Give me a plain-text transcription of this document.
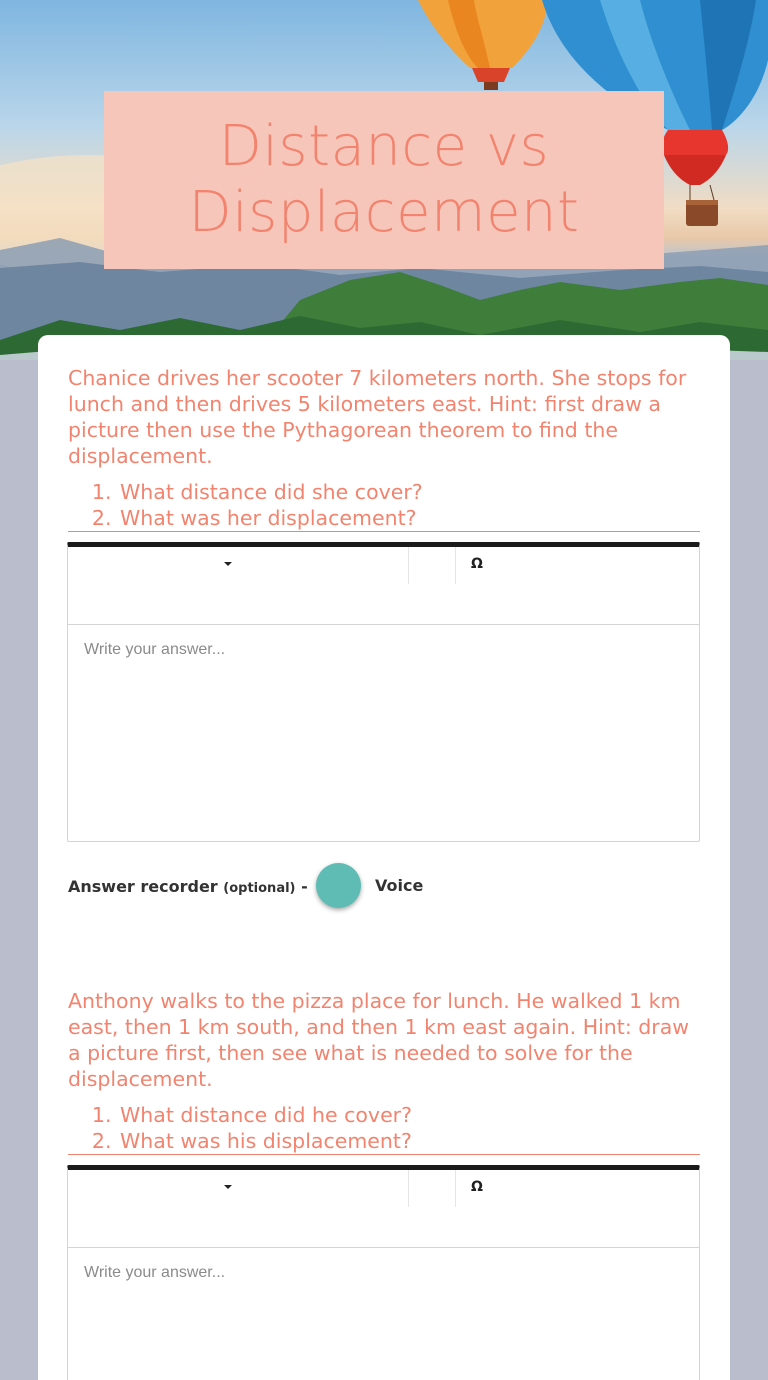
Distance vs
Displacement

Chanice drives her scooter 7 kilometers north. She stops for lunch and then drives 5 kilometers east. Hint: first draw a picture then use the Pythagorean theorem to find the displacement.

1. What distance did she cover?
2. What was her displacement?
Ω
Write your answer...
Answer recorder (optional) -	Voice

Anthony walks to the pizza place for lunch. He walked 1 km east, then 1 km south, and then 1 km east again. Hint: draw a picture first, then see what is needed to solve for the displacement.

1. What distance did he cover?
2. What was his displacement?
Ω
Write your answer...
